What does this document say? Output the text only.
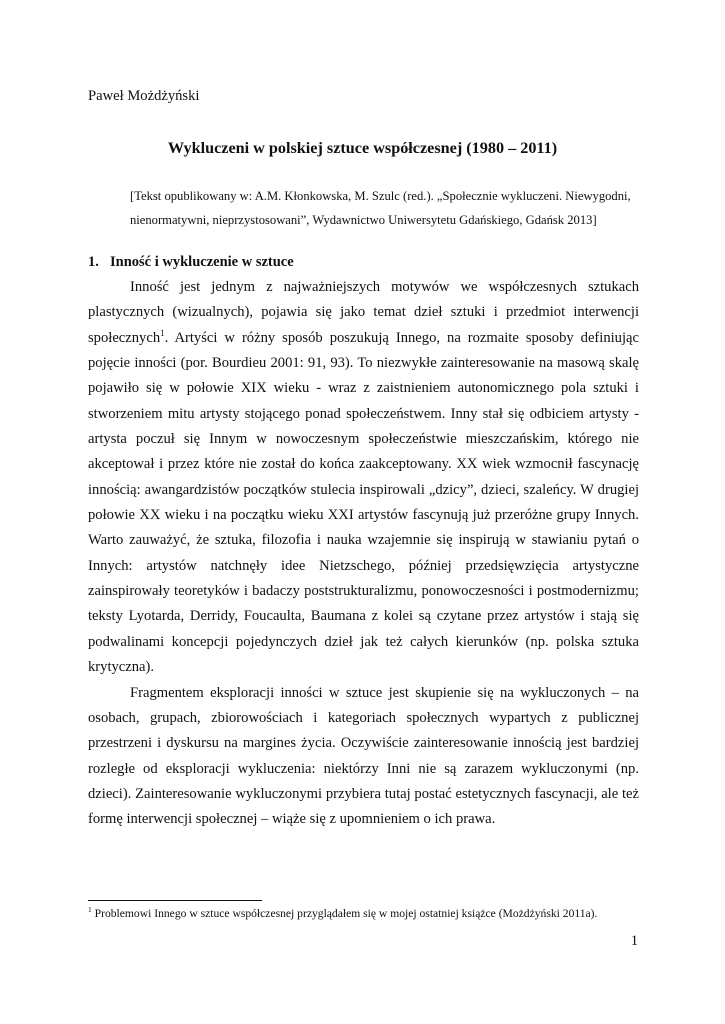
Paweł Możdżyński
Wykluczeni w polskiej sztuce współczesnej (1980 – 2011)
[Tekst opublikowany w: A.M. Kłonkowska, M. Szulc (red.). „Społecznie wykluczeni. Niewygodni, nienormatywni, nieprzystosowani”, Wydawnictwo Uniwersytetu Gdańskiego, Gdańsk 2013]
1. Inność i wykluczenie w sztuce

Inność jest jednym z najważniejszych motywów we współczesnych sztukach plastycznych (wizualnych), pojawia się jako temat dzieł sztuki i przedmiot interwencji społecznych$^1$. Artyści w różny sposób poszukują Innego, na rozmaite sposoby definiując pojęcie inności (por. Bourdieu 2001: 91, 93). To niezwykłe zainteresowanie na masową skalę pojawiło się w połowie XIX wieku - wraz z zaistnieniem autonomicznego pola sztuki i stworzeniem mitu artysty stojącego ponad społeczeństwem. Inny stał się odbiciem artysty - artysta poczuł się Innym w nowoczesnym społeczeństwie mieszczańskim, którego nie akceptował i przez które nie został do końca zaakceptowany. XX wiek wzmocnił fascynację innością: awangardzistów początków stulecia inspirowali „dzicy”, dzieci, szaleńcy. W drugiej połowie XX wieku i na początku wieku XXI artystów fascynują już przeróżne grupy Innych. Warto zauważyć, że sztuka, filozofia i nauka wzajemnie się inspirują w stawianiu pytań o Innych: artystów natchnęły idee Nietzschego, później przedsięwzięcia artystyczne zainspirowały teoretyków i badaczy poststrukturalizmu, ponowoczesności i postmodernizmu; teksty Lyotarda, Derridy, Foucaulta, Baumana z kolei są czytane przez artystów i stają się podwalinami koncepcji pojedynczych dzieł jak też całych kierunków (np. polska sztuka krytyczna).

Fragmentem eksploracji inności w sztuce jest skupienie się na wykluczonych – na osobach, grupach, zbiorowościach i kategoriach społecznych wypartych z publicznej przestrzeni i dyskursu na margines życia. Oczywiście zainteresowanie innością jest bardziej rozległe od eksploracji wykluczenia: niektórzy Inni nie są zarazem wykluczonymi (np. dzieci). Zainteresowanie wykluczonymi przybiera tutaj postać estetycznych fascynacji, ale też formę interwencji społecznej – wiąże się z upomnieniem o ich prawa.

$^1$ Problemowi Innego w sztuce współczesnej przyglądałem się w mojej ostatniej książce (Możdżyński 2011a).
1
